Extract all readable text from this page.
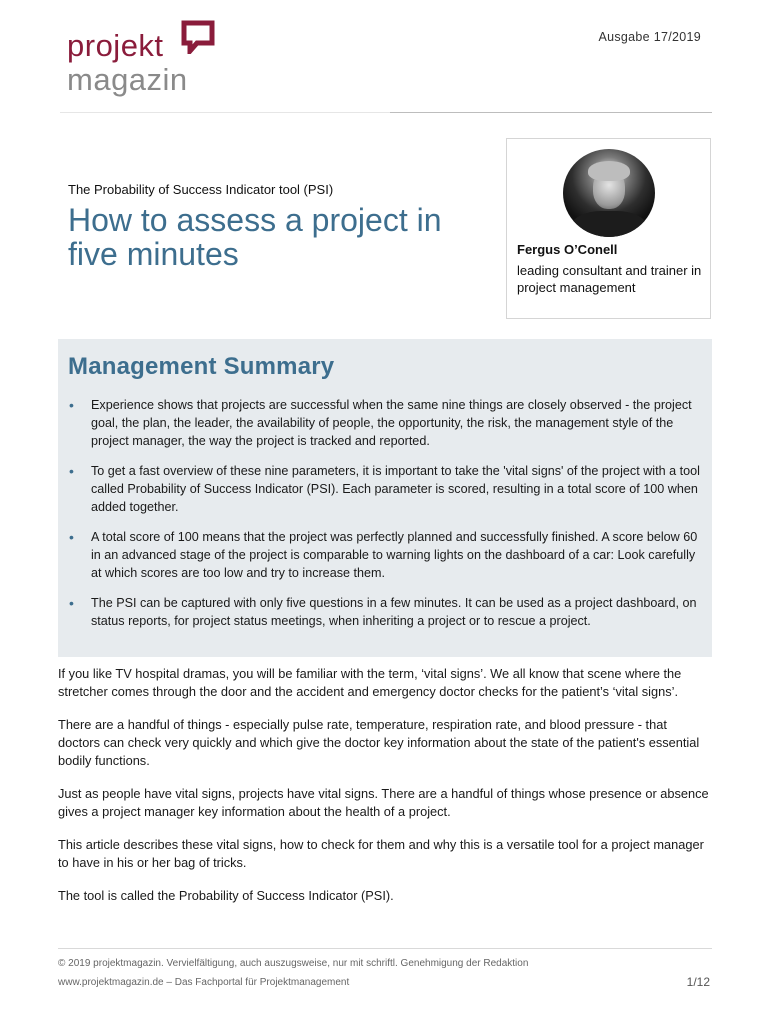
projekt
magazin
Ausgabe 17/2019
The Probability of Success Indicator tool (PSI)
How to assess a project in five minutes	Fergus O’Conell
leading consultant and trainer in project management
Management Summary
• Experience shows that projects are successful when the same nine things are closely observed - the project goal, the plan, the leader, the availability of people, the opportunity, the risk, the management style of the project manager, the way the project is tracked and reported.
• To get a fast overview of these nine parameters, it is important to take the 'vital signs' of the project with a tool called Probability of Success Indicator (PSI). Each parameter is scored, resulting in a total score of 100 when added together.
• A total score of 100 means that the project was perfectly planned and successfully finished. A score below 60 in an advanced stage of the project is comparable to warning lights on the dashboard of a car: Look carefully at which scores are too low and try to increase them.
• The PSI can be captured with only five questions in a few minutes. It can be used as a project dashboard, on status reports, for project status meetings, when inheriting a project or to rescue a project.

If you like TV hospital dramas, you will be familiar with the term, ‘vital signs’. We all know that scene where the stretcher comes through the door and the accident and emergency doctor checks for the patient’s ‘vital signs’.

There are a handful of things - especially pulse rate, temperature, respiration rate, and blood pressure - that doctors can check very quickly and which give the doctor key information about the state of the patient's essential bodily functions.

Just as people have vital signs, projects have vital signs. There are a handful of things whose presence or absence gives a project manager key information about the health of a project.

This article describes these vital signs, how to check for them and why this is a versatile tool for a project manager to have in his or her bag of tricks.

The tool is called the Probability of Success Indicator (PSI).

© 2019 projektmagazin. Vervielfältigung, auch auszugsweise, nur mit schriftl. Genehmigung der Redaktion
www.projektmagazin.de – Das Fachportal für Projektmanagement	1/12
